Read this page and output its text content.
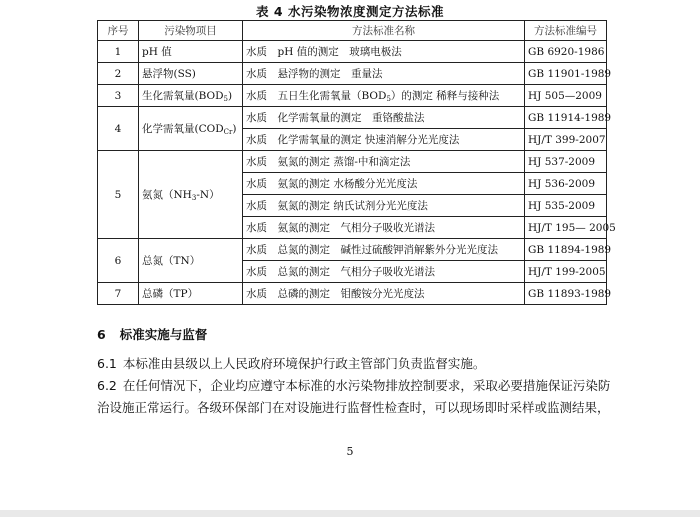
表 4 水污染物浓度测定方法标准
序号	污染物项目	方法标准名称	方法标准编号
1	pH 值	水质　pH 值的测定　玻璃电极法	GB 6920-1986
2	悬浮物(SS)	水质　悬浮物的测定　重量法	GB 11901-1989
3	生化需氧量$(BOD_5)$	水质　五日生化需氧量$(BOD_5)$的测定 稀释与接种法	HJ 505—2009
4	化学需氧量$(COD_{Cr})$	水质　化学需氧量的测定　重铬酸盐法	GB 11914-1989
		水质　化学需氧量的测定 快速消解分光光度法	HJ/T 399-2007
5	氨氮$(NH_3-N)$	水质　氨氮的测定 蒸馏-中和滴定法	HJ 537-2009
		水质　氨氮的测定 水杨酸分光光度法	HJ 536-2009
		水质　氨氮的测定 纳氏试剂分光光度法	HJ 535-2009
		水质　氨氮的测定　气相分子吸收光谱法	HJ/T 195— 2005
6	总氮（TN）	水质　总氮的测定　碱性过硫酸钾消解紫外分光光度法	GB 11894-1989
		水质　总氮的测定　气相分子吸收光谱法	HJ/T 199-2005
7	总磷（TP）	水质　总磷的测定　钼酸铵分光光度法	GB 11893-1989
6 标准实施与监督
6.1 本标准由县级以上人民政府环境保护行政主管部门负责监督实施。
6.2 在任何情况下，企业均应遵守本标准的水污染物排放控制要求，采取必要措施保证污染防治设施正常运行。各级环保部门在对设施进行监督性检查时，可以现场即时采样或监测结果，
5
